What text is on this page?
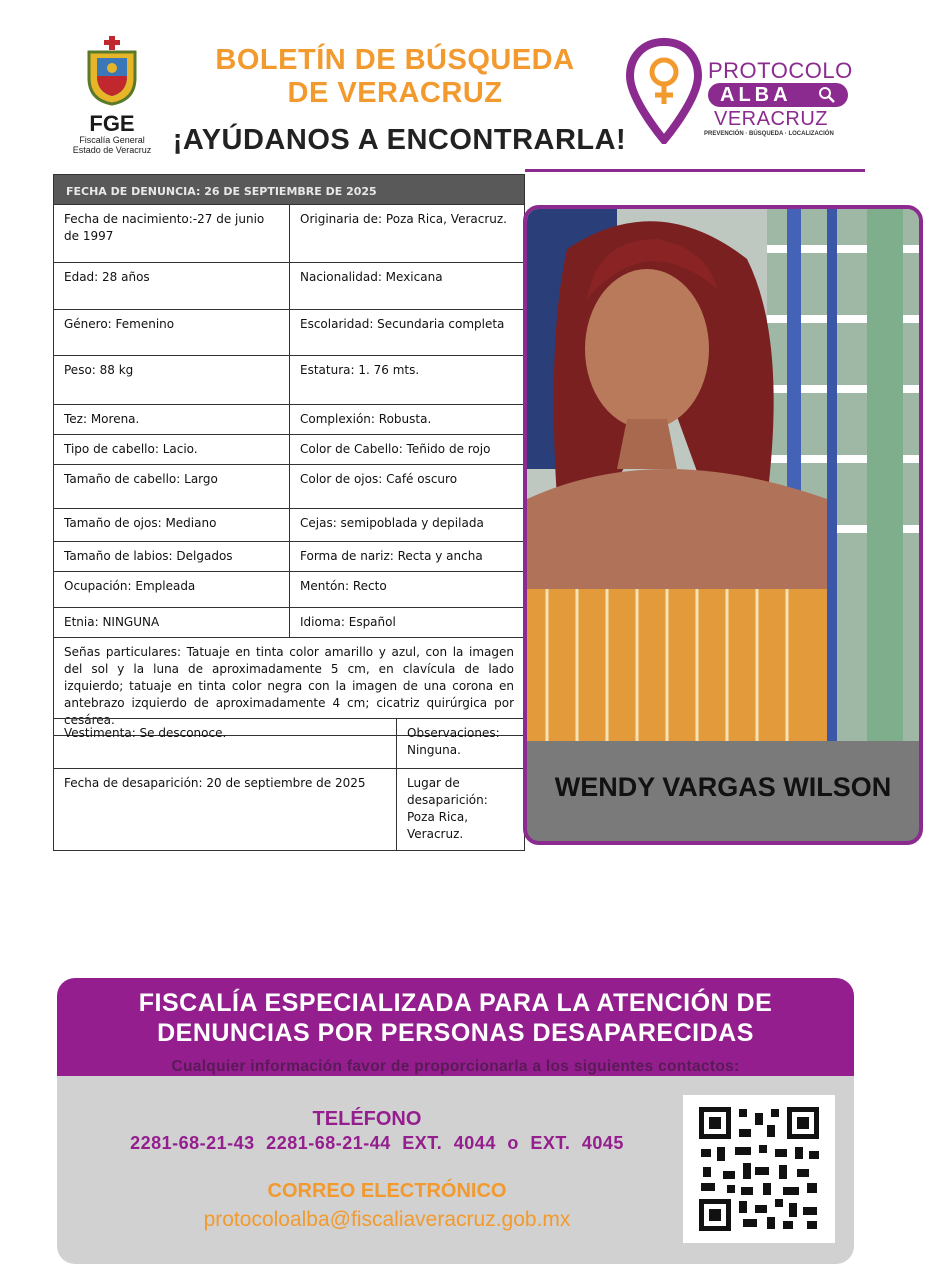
FGE
Fiscalía General
Estado de Veracruz
BOLETÍN DE BÚSQUEDA
DE VERACRUZ
¡AYÚDANOS A ENCONTRARLA!
PROTOCOLO
ALBA
VERACRUZ
PREVENCIÓN · BÚSQUEDA · LOCALIZACIÓN
FECHA DE DENUNCIA: 26 DE SEPTIEMBRE DE 2025	
Fecha de nacimiento:-27 de junio de 1997	Originaria de: Poza Rica, Veracruz.
Edad: 28 años	Nacionalidad: Mexicana
Género: Femenino	Escolaridad: Secundaria completa
Peso: 88 kg	Estatura: 1. 76 mts.
Tez: Morena.	Complexión: Robusta.
Tipo de cabello: Lacio.	Color de Cabello: Teñido de rojo
Tamaño de cabello: Largo	Color de ojos: Café oscuro
Tamaño de ojos: Mediano	Cejas: semipoblada y depilada
Tamaño de labios: Delgados	Forma de nariz: Recta y ancha
Ocupación: Empleada	Mentón: Recto
Etnia: NINGUNA	Idioma: Español
Señas particulares: Tatuaje en tinta color amarillo y azul, con la imagen del sol y la luna de aproximadamente 5 cm, en clavícula de lado izquierdo; tatuaje en tinta color negra con la imagen de una corona en antebrazo izquierdo de aproximadamente 4 cm; cicatriz quirúrgica por cesárea.	
Vestimenta: Se desconoce.	Observaciones: Ninguna.
Fecha de desaparición: 20 de septiembre de 2025	Lugar de desaparición: Poza Rica, Veracruz.
WENDY VARGAS WILSON
FISCALÍA ESPECIALIZADA PARA LA ATENCIÓN DE
DENUNCIAS POR PERSONAS DESAPARECIDAS
Cualquier información favor de proporcionarla a los siguientes contactos:
TELÉFONO
2281-68-21-43 2281-68-21-44 EXT. 4044 o EXT. 4045
CORREO ELECTRÓNICO
protocoloalba@fiscaliaveracruz.gob.mx
